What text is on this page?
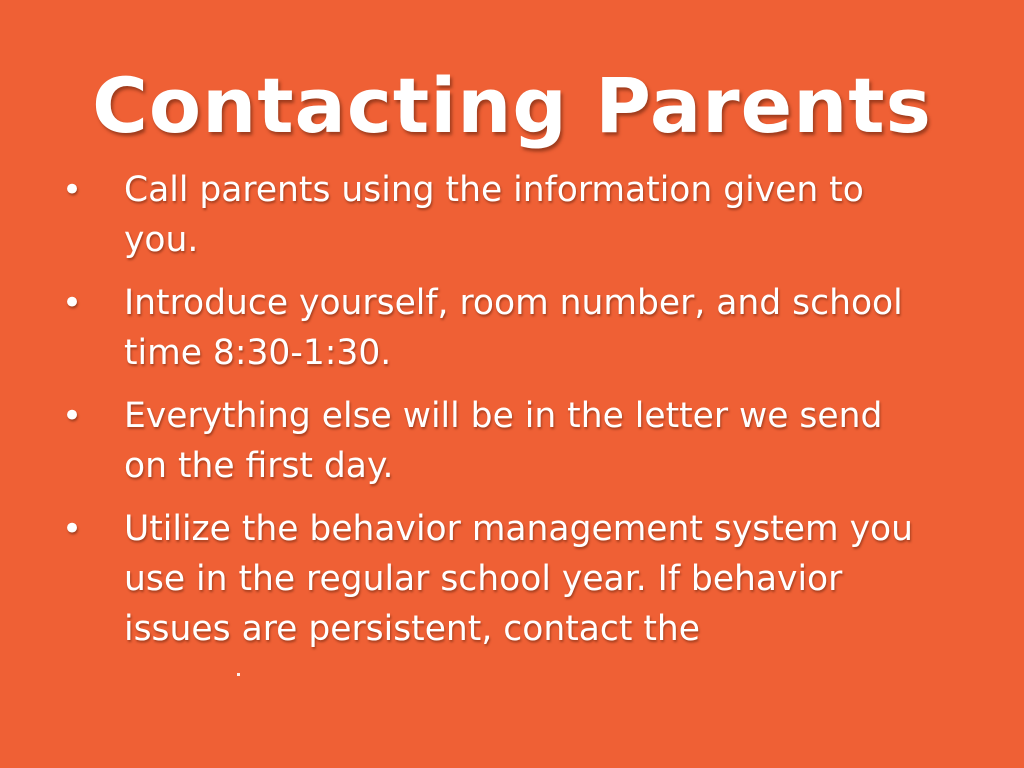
Contacting Parents
• Call parents using the information given to you.
• Introduce yourself, room number, and school time 8:30-1:30.
• Everything else will be in the letter we send on the first day.
• Utilize the behavior management system you use in the regular school year. If behavior issues are persistent, contact the
